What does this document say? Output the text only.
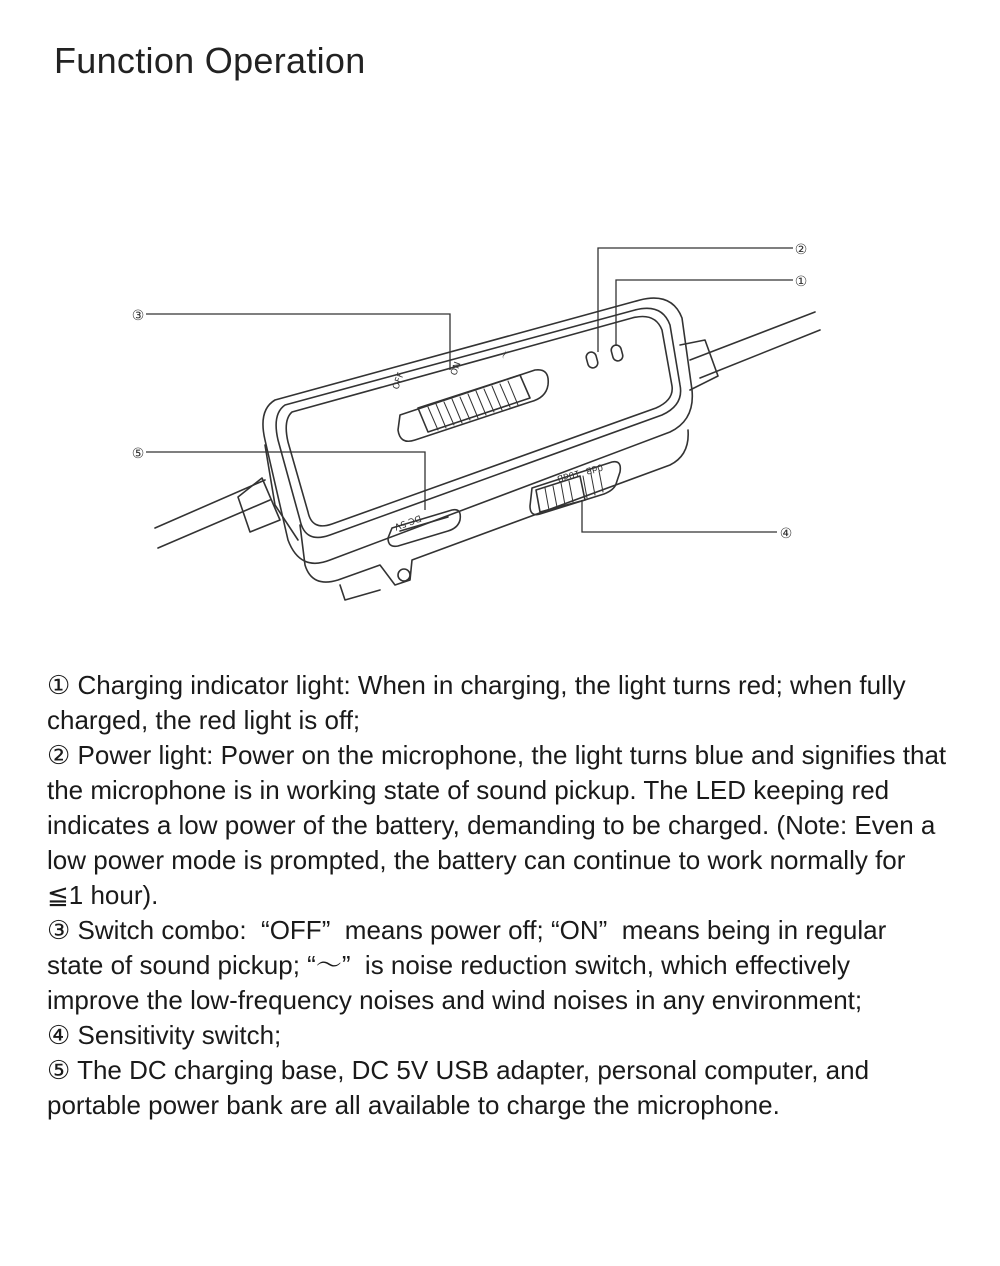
Function Operation
OFF
ON
〜
DC 5V
0dB -10dB
②
①
③
⑤
④

① Charging indicator light: When in charging, the light turns red; when fully charged, the red light is off;

② Power light: Power on the microphone, the light turns blue and signifies that the microphone is in working state of sound pickup. The LED keeping red indicates a low power of the battery, demanding to be charged. (Note: Even a low power mode is prompted, the battery can continue to work normally for ≦1 hour).

③ Switch combo:  “OFF”  means power off; “ON”  means being in regular state of sound pickup; “〜”  is noise reduction switch, which effectively improve the low-frequency noises and wind noises in any environment;

④ Sensitivity switch;

⑤ The DC charging base, DC 5V USB adapter, personal computer, and portable power bank are all available to charge the microphone.
